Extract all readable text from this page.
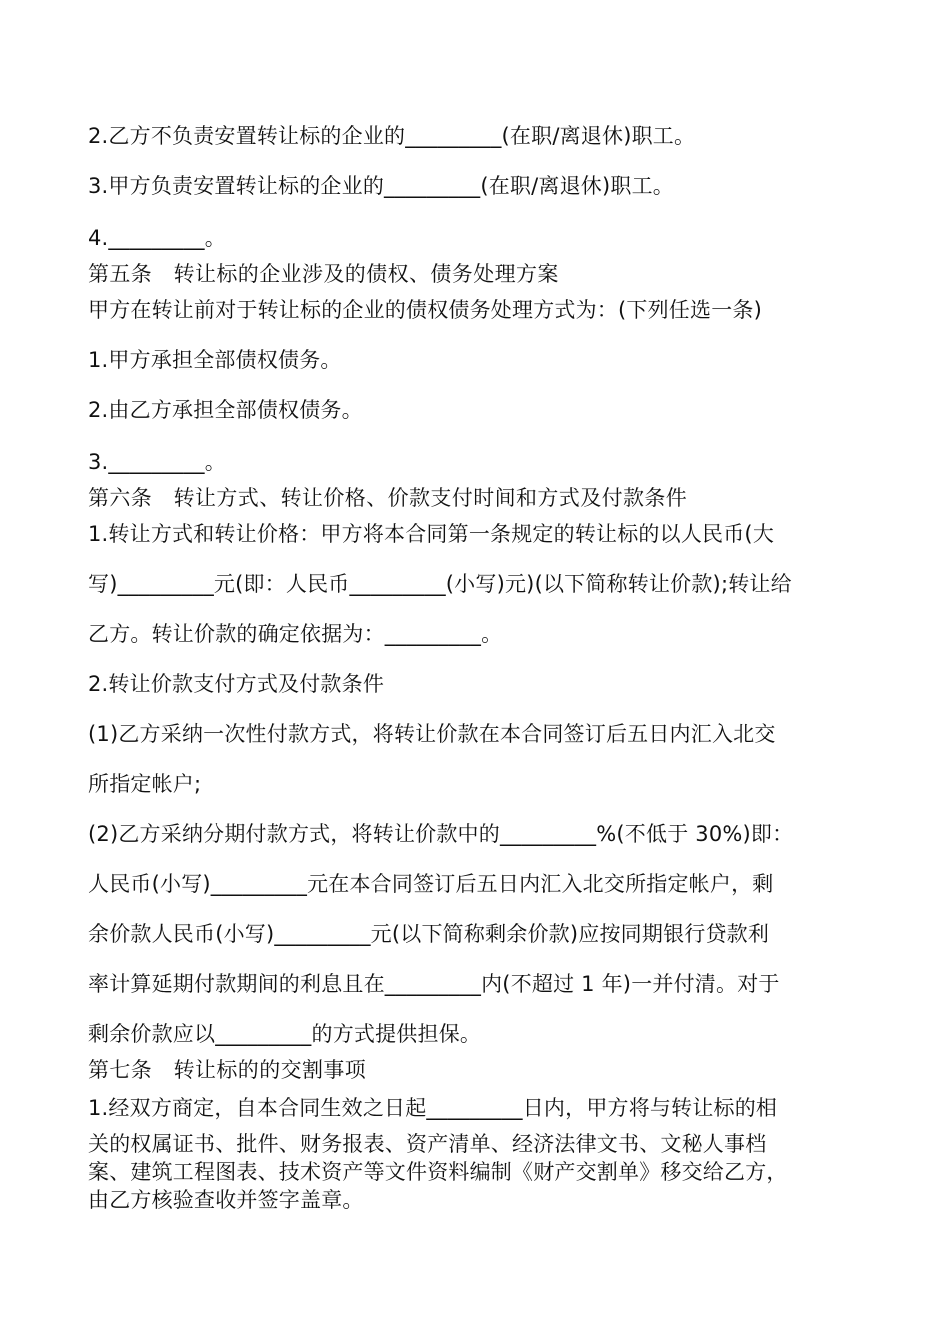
2.乙方不负责安置转让标的企业的_________(在职/离退休)职工。
3.甲方负责安置转让标的企业的_________(在职/离退休)职工。
4._________。
第五条　转让标的企业涉及的债权、债务处理方案
甲方在转让前对于转让标的企业的债权债务处理方式为：(下列任选一条)
1.甲方承担全部债权债务。
2.由乙方承担全部债权债务。
3._________。
第六条　转让方式、转让价格、价款支付时间和方式及付款条件
1.转让方式和转让价格：甲方将本合同第一条规定的转让标的以人民币(大
写)_________元(即：人民币_________(小写)元)(以下简称转让价款);转让给
乙方。转让价款的确定依据为：_________。
2.转让价款支付方式及付款条件
(1)乙方采纳一次性付款方式，将转让价款在本合同签订后五日内汇入北交
所指定帐户;
(2)乙方采纳分期付款方式，将转让价款中的_________%(不低于 30%)即：
人民币(小写)_________元在本合同签订后五日内汇入北交所指定帐户，剩
余价款人民币(小写)_________元(以下简称剩余价款)应按同期银行贷款利
率计算延期付款期间的利息且在_________内(不超过 1 年)一并付清。对于
剩余价款应以_________的方式提供担保。
第七条　转让标的的交割事项
1.经双方商定，自本合同生效之日起_________日内，甲方将与转让标的相
关的权属证书、批件、财务报表、资产清单、经济法律文书、文秘人事档
案、建筑工程图表、技术资产等文件资料编制《财产交割单》移交给乙方，
由乙方核验查收并签字盖章。
